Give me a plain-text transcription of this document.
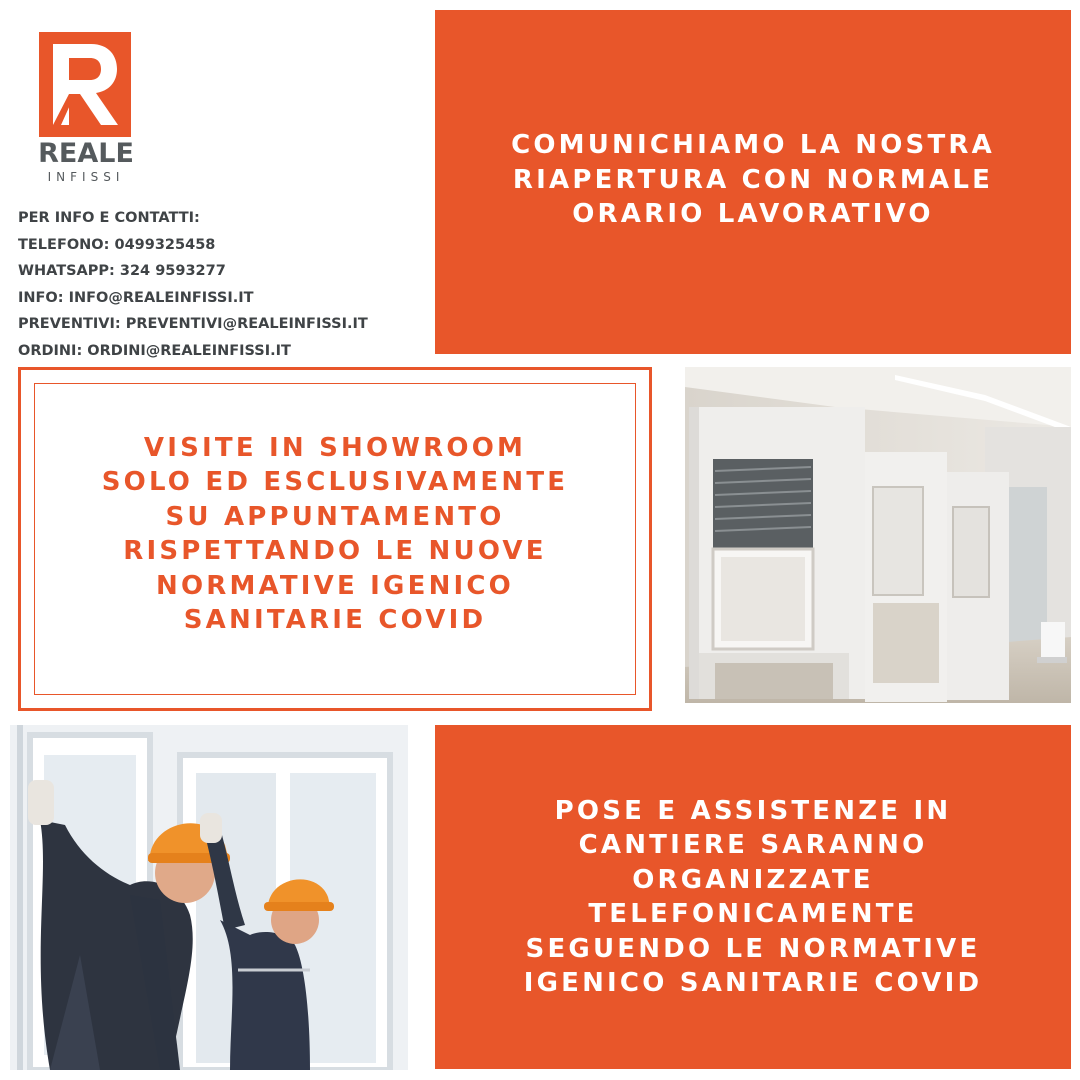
REALE
INFISSI
PER INFO E CONTATTI:
TELEFONO: 0499325458
WHATSAPP: 324 9593277
INFO: INFO@REALEINFISSI.IT
PREVENTIVI: PREVENTIVI@REALEINFISSI.IT
ORDINI: ORDINI@REALEINFISSI.IT
COMUNICHIAMO LA NOSTRA
RIAPERTURA CON NORMALE
ORARIO LAVORATIVO
VISITE IN SHOWROOM
SOLO ED ESCLUSIVAMENTE
SU APPUNTAMENTO
RISPETTANDO LE NUOVE
NORMATIVE IGENICO
SANITARIE COVID
POSE E ASSISTENZE IN
CANTIERE SARANNO
ORGANIZZATE
TELEFONICAMENTE
SEGUENDO LE NORMATIVE
IGENICO SANITARIE COVID
